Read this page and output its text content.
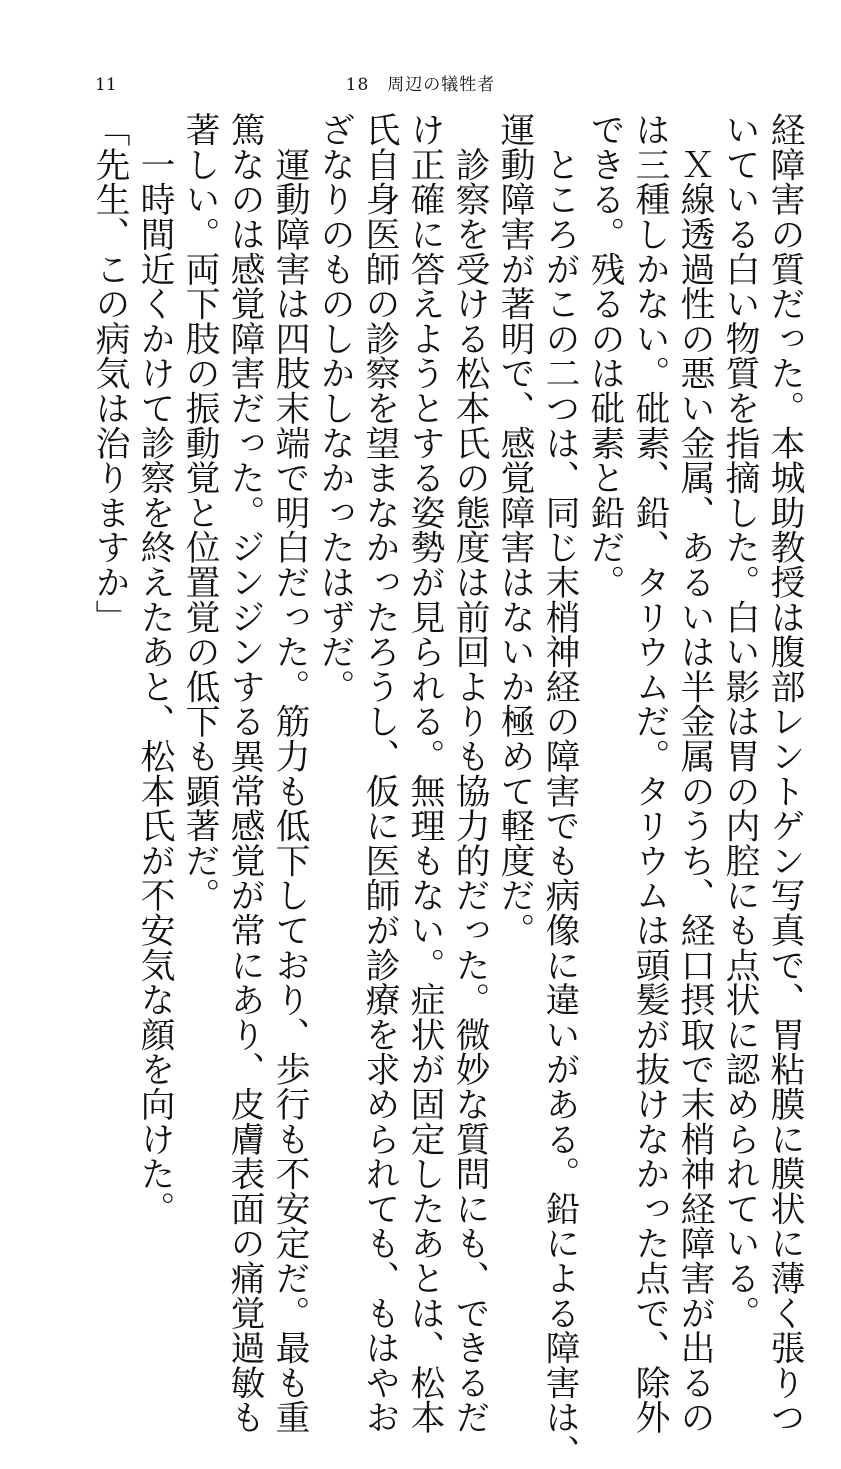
11	18　周辺の犠牲者
経障害の質だった。本城助教授は腹部レントゲン写真で、胃粘膜に膜状に薄く張りつ
いている白い物質を指摘した。白い影は胃の内腔にも点状に認められている。
　Ｘ線透過性の悪い金属、あるいは半金属のうち、経口摂取で末梢神経障害が出るの
は三種しかない。砒素、鉛、タリウムだ。タリウムは頭髪が抜けなかった点で、除外
できる。残るのは砒素と鉛だ。
　ところがこの二つは、同じ末梢神経の障害でも病像に違いがある。鉛による障害は、
運動障害が著明で、感覚障害はないか極めて軽度だ。
　診察を受ける松本氏の態度は前回よりも協力的だった。微妙な質問にも、できるだ
け正確に答えようとする姿勢が見られる。無理もない。症状が固定したあとは、松本
氏自身医師の診察を望まなかったろうし、仮に医師が診療を求められても、もはやお
ざなりのものしかしなかったはずだ。
　運動障害は四肢末端で明白だった。筋力も低下しており、歩行も不安定だ。最も重
篤なのは感覚障害だった。ジンジンする異常感覚が常にあり、皮膚表面の痛覚過敏も
著しい。両下肢の振動覚と位置覚の低下も顕著だ。
　一時間近くかけて診察を終えたあと、松本氏が不安気な顔を向けた。
「先生、この病気は治りますか」
